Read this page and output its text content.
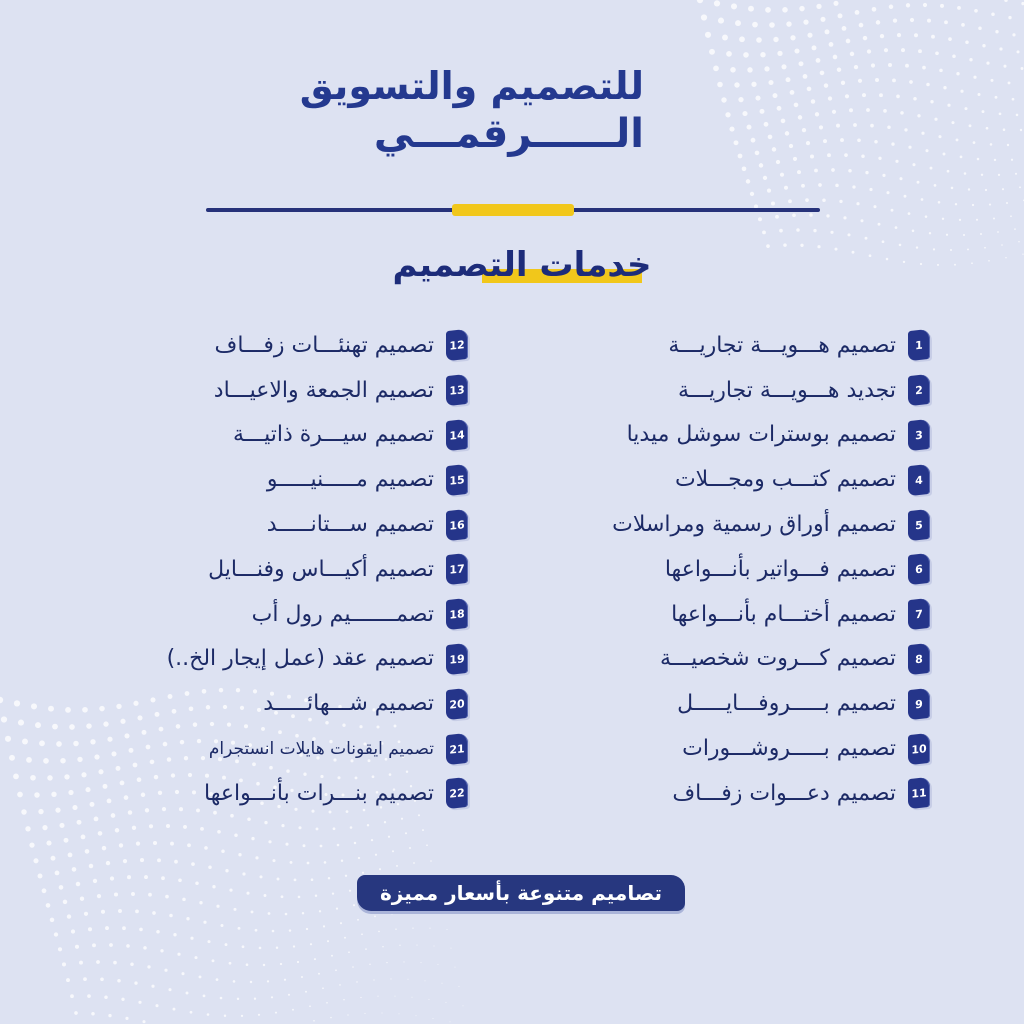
للتصميم والتسويق
الــــــرقمـــي
خدمات التصميم
1
تصميم هـــويـــة تجاريـــة
2
تجديد هـــويـــة تجاريـــة
3
تصميم بوسترات سوشل ميديا
4
تصميم كتـــب ومجـــلات
5
تصميم أوراق رسمية ومراسلات
6
تصميم فـــواتير بأنـــواعها
7
تصميم أختـــام بأنـــواعها
8
تصميم كـــروت شخصيـــة
9
تصميم بـــــروفـــايـــــل
10
تصميم بـــــروشـــورات
11
تصميم دعـــوات زفـــاف
12
تصميم تهنئـــات زفـــاف
13
تصميم الجمعة والاعيـــاد
14
تصميم سيـــرة ذاتيـــة
15
تصميم مـــــنيـــــو
16
تصميم ســـتانـــــد
17
تصميم أكيـــاس وفنـــايل
18
تصمـــــــيم رول أب
19
تصميم عقد (عمل إيجار الخ..)
20
تصميم شـــهائـــــد
21
تصميم ايقونات هايلات انستجرام
22
تصميم بنـــرات بأنـــواعها
تصاميم متنوعة بأسعار مميزة
